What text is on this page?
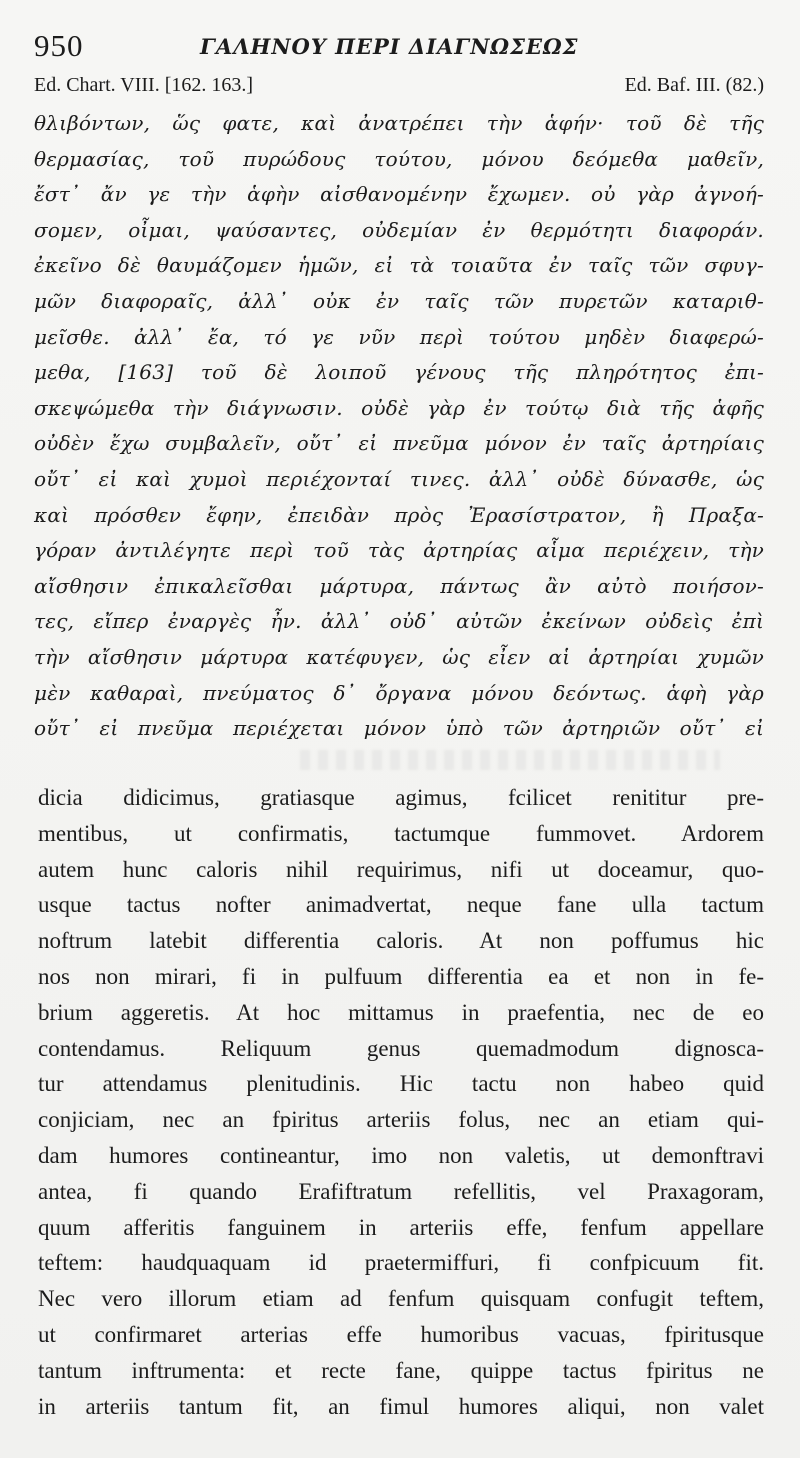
950	ΓΑΛΗΝΟΥ ΠΕΡΙ ΔΙΑΓΝΩΣΕΩΣ
Ed. Chart. VIII. [162. 163.]	Ed. Baf. III. (82.)
θλιβόντων, ὥς φατε, καὶ ἀνατρέπει τὴν ἁφήν· τοῦ δὲ τῆς
θερμασίας, τοῦ πυρώδους τούτου, μόνου δεόμεθα μαθεῖν,
ἔστ᾽ ἄν γε τὴν ἁφὴν αἰσθανομένην ἔχωμεν. οὐ γὰρ ἀγνοή-
σομεν, οἶμαι, ψαύσαντες, οὐδεμίαν ἐν θερμότητι διαφοράν.
ἐκεῖνο δὲ θαυμάζομεν ἡμῶν, εἰ τὰ τοιαῦτα ἐν ταῖς τῶν σφυγ-
μῶν διαφοραῖς, ἀλλ᾽ οὐκ ἐν ταῖς τῶν πυρετῶν καταριθ-
μεῖσθε. ἀλλ᾽ ἔα, τό γε νῦν περὶ τούτου μηδὲν διαφερώ-
μεθα, [163] τοῦ δὲ λοιποῦ γένους τῆς πληρότητος ἐπι-
σκεψώμεθα τὴν διάγνωσιν. οὐδὲ γὰρ ἐν τούτῳ διὰ τῆς ἁφῆς
οὐδὲν ἔχω συμβαλεῖν, οὔτ᾽ εἰ πνεῦμα μόνον ἐν ταῖς ἀρτηρίαις
οὔτ᾽ εἰ καὶ χυμοὶ περιέχονταί τινες. ἀλλ᾽ οὐδὲ δύνασθε, ὡς
καὶ πρόσθεν ἔφην, ἐπειδὰν πρὸς Ἐρασίστρατον, ἢ Πραξα-
γόραν ἀντιλέγητε περὶ τοῦ τὰς ἀρτηρίας αἷμα περιέχειν, τὴν
αἴσθησιν ἐπικαλεῖσθαι μάρτυρα, πάντως ἂν αὐτὸ ποιήσον-
τες, εἴπερ ἐναργὲς ἦν. ἀλλ᾽ οὐδ᾽ αὐτῶν ἐκείνων οὐδεὶς ἐπὶ
τὴν αἴσθησιν μάρτυρα κατέφυγεν, ὡς εἶεν αἱ ἀρτηρίαι χυμῶν
μὲν καθαραὶ, πνεύματος δ᾽ ὄργανα μόνου δεόντως. ἁφὴ γὰρ
οὔτ᾽ εἰ πνεῦμα περιέχεται μόνον ὑπὸ τῶν ἀρτηριῶν οὔτ᾽ εἰ
dicia didicimus, gratiasque agimus, fcilicet renititur pre-
mentibus, ut confirmatis, tactumque fummovet. Ardorem
autem hunc caloris nihil requirimus, nifi ut doceamur, quo-
usque tactus nofter animadvertat, neque fane ulla tactum
noftrum latebit differentia caloris. At non poffumus hic
nos non mirari, fi in pulfuum differentia ea et non in fe-
brium aggeretis. At hoc mittamus in praefentia, nec de eo
contendamus. Reliquum genus quemadmodum dignosca-
tur attendamus plenitudinis. Hic tactu non habeo quid
conjiciam, nec an fpiritus arteriis folus, nec an etiam qui-
dam humores contineantur, imo non valetis, ut demonftravi
antea, fi quando Erafiftratum refellitis, vel Praxagoram,
quum afferitis fanguinem in arteriis effe, fenfum appellare
teftem: haudquaquam id praetermiffuri, fi confpicuum fit.
Nec vero illorum etiam ad fenfum quisquam confugit teftem,
ut confirmaret arterias effe humoribus vacuas, fpiritusque
tantum inftrumenta: et recte fane, quippe tactus fpiritus ne
in arteriis tantum fit, an fimul humores aliqui, non valet
